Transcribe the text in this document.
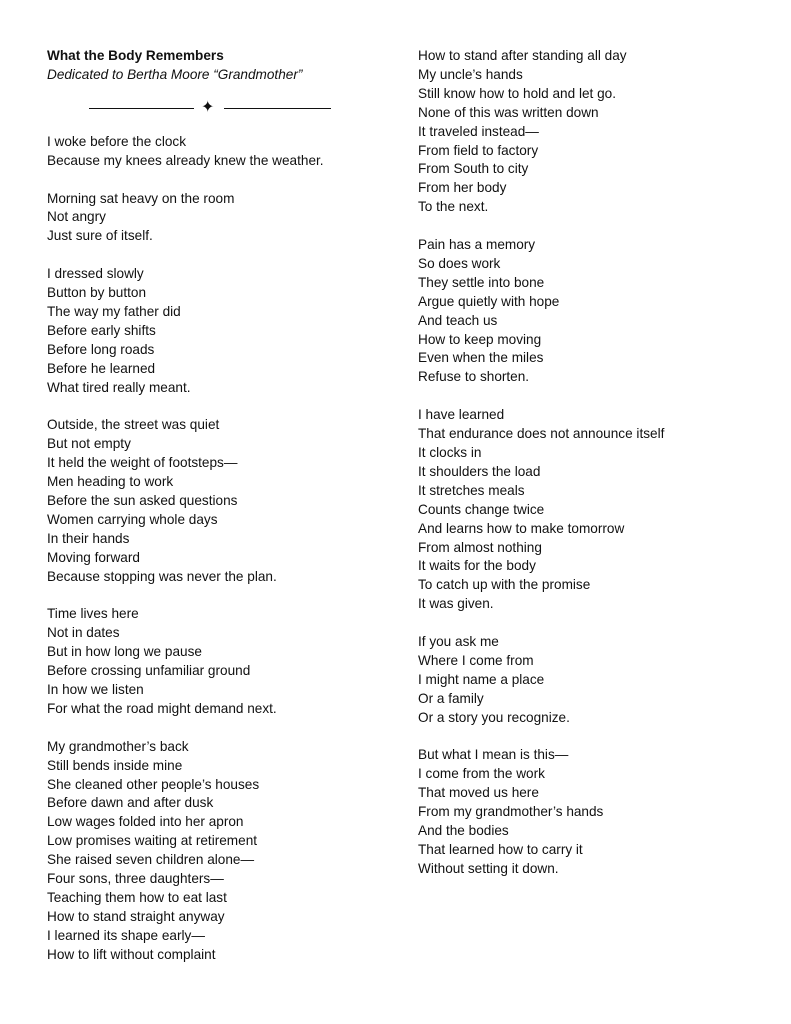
What the Body Remembers
Dedicated to Bertha Moore “Grandmother”
✦
I woke before the clock
Because my knees already knew the weather.
Morning sat heavy on the room
Not angry
Just sure of itself.
I dressed slowly
Button by button
The way my father did
Before early shifts
Before long roads
Before he learned
What tired really meant.
Outside, the street was quiet
But not empty
It held the weight of footsteps—
Men heading to work
Before the sun asked questions
Women carrying whole days
In their hands
Moving forward
Because stopping was never the plan.
Time lives here
Not in dates
But in how long we pause
Before crossing unfamiliar ground
In how we listen
For what the road might demand next.
My grandmother’s back
Still bends inside mine
She cleaned other people’s houses
Before dawn and after dusk
Low wages folded into her apron
Low promises waiting at retirement
She raised seven children alone—
Four sons, three daughters—
Teaching them how to eat last
How to stand straight anyway
I learned its shape early—
How to lift without complaint
How to stand after standing all day
My uncle’s hands
Still know how to hold and let go.
None of this was written down
It traveled instead—
From field to factory
From South to city
From her body
To the next.
Pain has a memory
So does work
They settle into bone
Argue quietly with hope
And teach us
How to keep moving
Even when the miles
Refuse to shorten.
I have learned
That endurance does not announce itself
It clocks in
It shoulders the load
It stretches meals
Counts change twice
And learns how to make tomorrow
From almost nothing
It waits for the body
To catch up with the promise
It was given.
If you ask me
Where I come from
I might name a place
Or a family
Or a story you recognize.
But what I mean is this—
I come from the work
That moved us here
From my grandmother’s hands
And the bodies
That learned how to carry it
Without setting it down.
